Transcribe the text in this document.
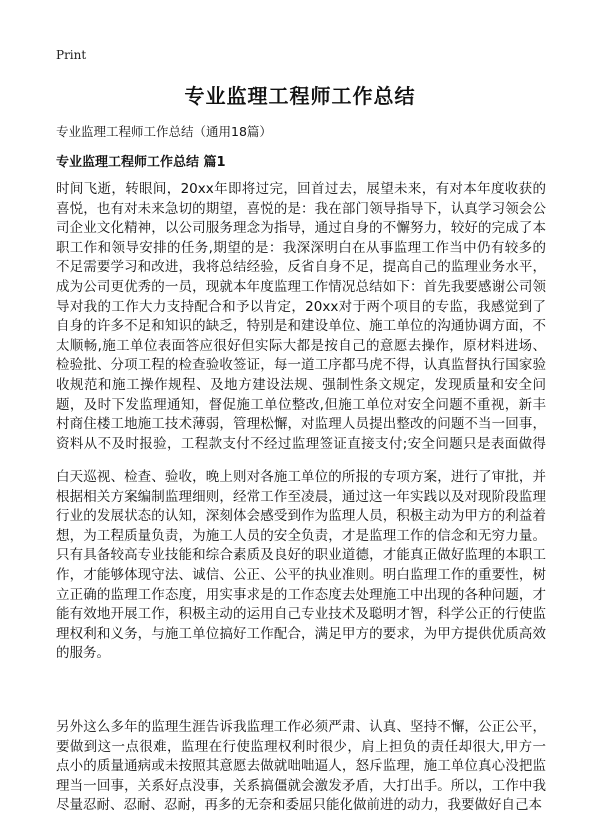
Print
专业监理工程师工作总结

专业监理工程师工作总结（通用18篇）

专业监理工程师工作总结 篇1

时间飞逝，转眼间，20xx年即将过完，回首过去，展望未来，有对本年度收获的喜悦，也有对未来急切的期望，喜悦的是：我在部门领导指导下，认真学习领会公司企业文化精神，以公司服务理念为指导，通过自身的不懈努力，较好的完成了本职工作和领导安排的任务,期望的是：我深深明白在从事监理工作当中仍有较多的不足需要学习和改进，我将总结经验，反省自身不足，提高自己的监理业务水平，成为公司更优秀的一员，现就本年度监理工作情况总结如下：首先我要感谢公司领导对我的工作大力支持配合和予以肯定，20xx对于两个项目的专监，我感觉到了自身的许多不足和知识的缺乏，特别是和建设单位、施工单位的沟通协调方面，不太顺畅,施工单位表面答应很好但实际大都是按自己的意愿去操作，原材料进场、检验批、分项工程的检查验收签证，每一道工序都马虎不得，认真监督执行国家验收规范和施工操作规程、及地方建设法规、强制性条文规定，发现质量和安全问题，及时下发监理通知，督促施工单位整改,但施工单位对安全问题不重视，新丰村商住楼工地施工技术薄弱，管理松懈，对监理人员提出整改的问题不当一回事，资料从不及时报验，工程款支付不经过监理签证直接支付;安全问题只是表面做得

白天巡视、检查、验收，晚上则对各施工单位的所报的专项方案，进行了审批，并根据相关方案编制监理细则，经常工作至凌晨，通过这一年实践以及对现阶段监理行业的发展状态的认知，深刻体会感受到作为监理人员，积极主动为甲方的利益着想，为工程质量负责，为施工人员的安全负责，才是监理工作的信念和无穷力量。只有具备较高专业技能和综合素质及良好的职业道德，才能真正做好监理的本职工作，才能够体现守法、诚信、公正、公平的执业准则。明白监理工作的重要性，树立正确的监理工作态度，用实事求是的工作态度去处理施工中出现的各种问题，才能有效地开展工作，积极主动的运用自己专业技术及聪明才智，科学公正的行使监理权利和义务，与施工单位搞好工作配合，满足甲方的要求，为甲方提供优质高效的服务。

另外这么多年的监理生涯告诉我监理工作必须严肃、认真、坚持不懈，公正公平，要做到这一点很难，监理在行使监理权利时很少，肩上担负的责任却很大,甲方一点小的质量通病或未按照其意愿去做就咄咄逼人，怒斥监理，施工单位真心没把监理当一回事，关系好点没事，关系搞僵就会激发矛盾，大打出手。所以，工作中我尽量忍耐、忍耐、忍耐，再多的无奈和委屈只能化做前进的动力，我要做好自己本
